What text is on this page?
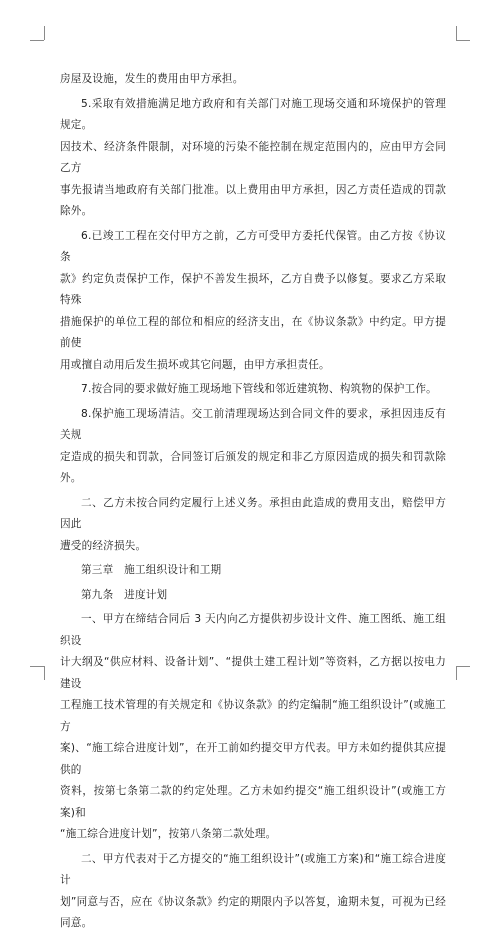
房屋及设施，发生的费用由甲方承担。

5.采取有效措施满足地方政府和有关部门对施工现场交通和环境保护的管理规定。

因技术、经济条件限制，对环境的污染不能控制在规定范围内的，应由甲方会同乙方

事先报请当地政府有关部门批准。以上费用由甲方承担，因乙方责任造成的罚款除外。

6.已竣工工程在交付甲方之前，乙方可受甲方委托代保管。由乙方按《协议条

款》约定负责保护工作，保护不善发生损坏，乙方自费予以修复。要求乙方采取特殊

措施保护的单位工程的部位和相应的经济支出，在《协议条款》中约定。甲方提前使

用或擅自动用后发生损坏或其它问题，由甲方承担责任。

7.按合同的要求做好施工现场地下管线和邻近建筑物、构筑物的保护工作。

8.保护施工现场清洁。交工前清理现场达到合同文件的要求，承担因违反有关规

定造成的损失和罚款，合同签订后颁发的规定和非乙方原因造成的损失和罚款除外。

二、乙方未按合同约定履行上述义务。承担由此造成的费用支出，赔偿甲方因此

遭受的经济损失。

第三章　施工组织设计和工期

第九条　进度计划

一、甲方在缔结合同后 3 天内向乙方提供初步设计文件、施工图纸、施工组织设

计大纲及“供应材料、设备计划”、“提供土建工程计划”等资料，乙方据以按电力建设

工程施工技术管理的有关规定和《协议条款》的约定编制“施工组织设计”(或施工方

案)、“施工综合进度计划”，在开工前如约提交甲方代表。甲方未如约提供其应提供的

资料，按第七条第二款的约定处理。乙方未如约提交“施工组织设计”(或施工方案)和

“施工综合进度计划”，按第八条第二款处理。

二、甲方代表对于乙方提交的“施工组织设计”(或施工方案)和“施工综合进度计

划”同意与否，应在《协议条款》约定的期限内予以答复，逾期未复，可视为已经同意。
